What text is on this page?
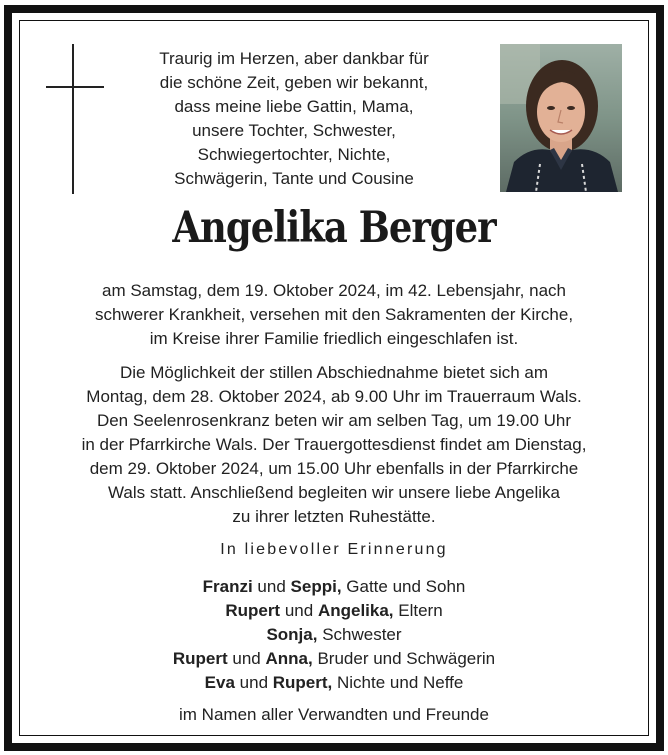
Traurig im Herzen, aber dankbar für
die schöne Zeit, geben wir bekannt,
dass meine liebe Gattin, Mama,
unsere Tochter, Schwester,
Schwiegertochter, Nichte,
Schwägerin, Tante und Cousine
Angelika Berger
am Samstag, dem 19. Oktober 2024, im 42. Lebensjahr, nach
schwerer Krankheit, versehen mit den Sakramenten der Kirche,
im Kreise ihrer Familie friedlich eingeschlafen ist.
Die Möglichkeit der stillen Abschiednahme bietet sich am
Montag, dem 28. Oktober 2024, ab 9.00 Uhr im Trauerraum Wals.
Den Seelenrosenkranz beten wir am selben Tag, um 19.00 Uhr
in der Pfarrkirche Wals. Der Trauergottesdienst findet am Dienstag,
dem 29. Oktober 2024, um 15.00 Uhr ebenfalls in der Pfarrkirche
Wals statt. Anschließend begleiten wir unsere liebe Angelika
zu ihrer letzten Ruhestätte.
In liebevoller Erinnerung
Franzi und Seppi, Gatte und Sohn
Rupert und Angelika, Eltern
Sonja, Schwester
Rupert und Anna, Bruder und Schwägerin
Eva und Rupert, Nichte und Neffe
im Namen aller Verwandten und Freunde
